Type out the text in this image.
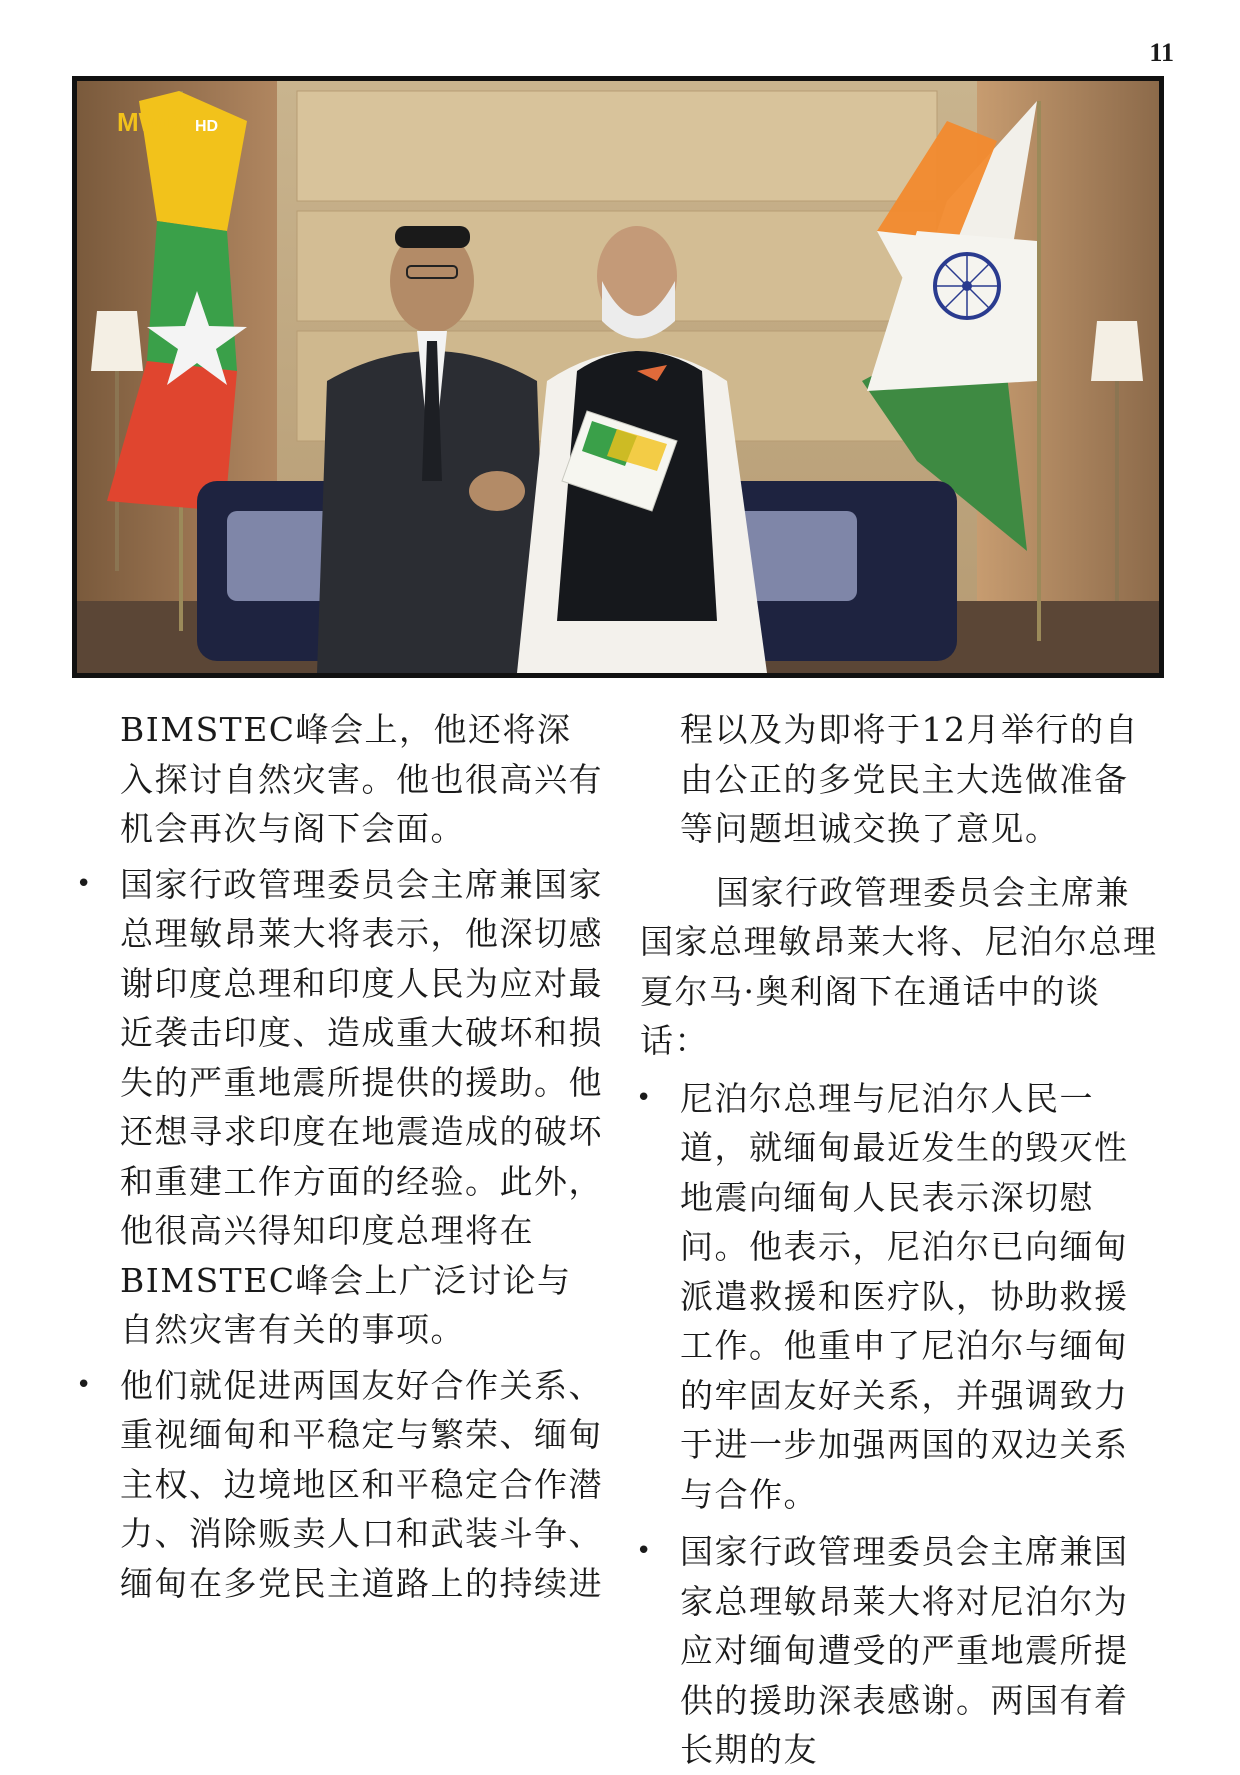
11
MWD HD

BIMSTEC峰会上，他还将深入探讨自然灾害。他也很高兴有机会再次与阁下会面。

• 国家行政管理委员会主席兼国家总理敏昂莱大将表示，他深切感谢印度总理和印度人民为应对最近袭击印度、造成重大破坏和损失的严重地震所提供的援助。他还想寻求印度在地震造成的破坏和重建工作方面的经验。此外，他很高兴得知印度总理将在BIMSTEC峰会上广泛讨论与自然灾害有关的事项。
• 他们就促进两国友好合作关系、重视缅甸和平稳定与繁荣、缅甸主权、边境地区和平稳定合作潜力、消除贩卖人口和武装斗争、缅甸在多党民主道路上的持续进

程以及为即将于12月举行的自由公正的多党民主大选做准备等问题坦诚交换了意见。

国家行政管理委员会主席兼国家总理敏昂莱大将、尼泊尔总理夏尔马·奥利阁下在通话中的谈话：

• 尼泊尔总理与尼泊尔人民一道，就缅甸最近发生的毁灭性地震向缅甸人民表示深切慰问。他表示，尼泊尔已向缅甸派遣救援和医疗队，协助救援工作。他重申了尼泊尔与缅甸的牢固友好关系，并强调致力于进一步加强两国的双边关系与合作。
• 国家行政管理委员会主席兼国家总理敏昂莱大将对尼泊尔为应对缅甸遭受的严重地震所提供的援助深表感谢。两国有着长期的友
